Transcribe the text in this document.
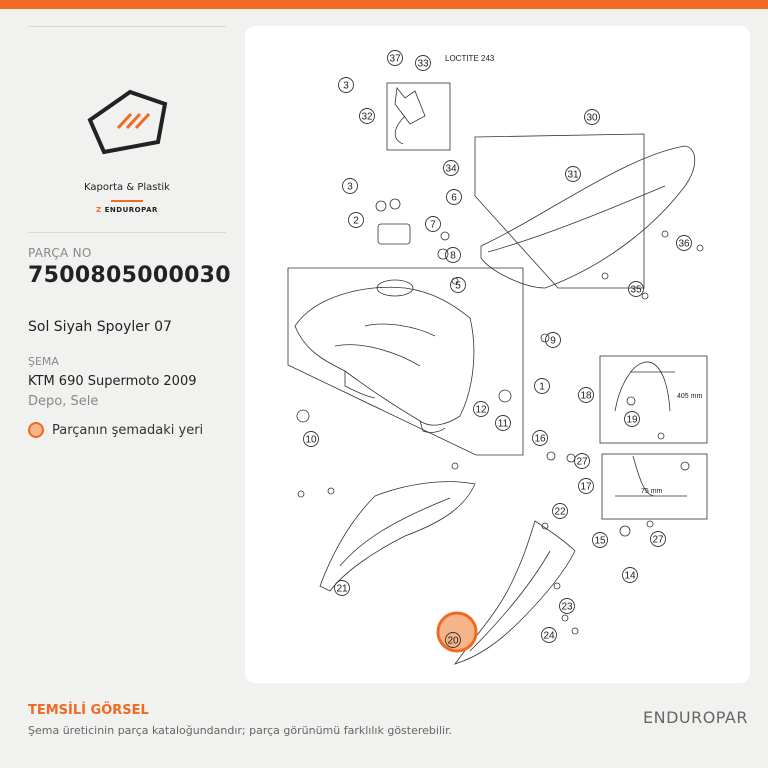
Kaporta & Plastik
Z ENDUROPAR
PARÇA NO
7500805000030
Sol Siyah Spoyler 07
ŞEMA
KTM 690 Supermoto 2009
Depo, Sele
Parçanın şemadaki yeri
37 33
3
32
34
30
31
3
2
6
7
8
36
35
5
9
1
12
11
10	16
18
19
27
17
22
21
15	27
14
20
23
24
LOCTITE 243
405 mm
75 mm
TEMSİLİ GÖRSEL
Şema üreticinin parça kataloğundandır; parça görünümü farklılık gösterebilir.
ENDUROPAR
